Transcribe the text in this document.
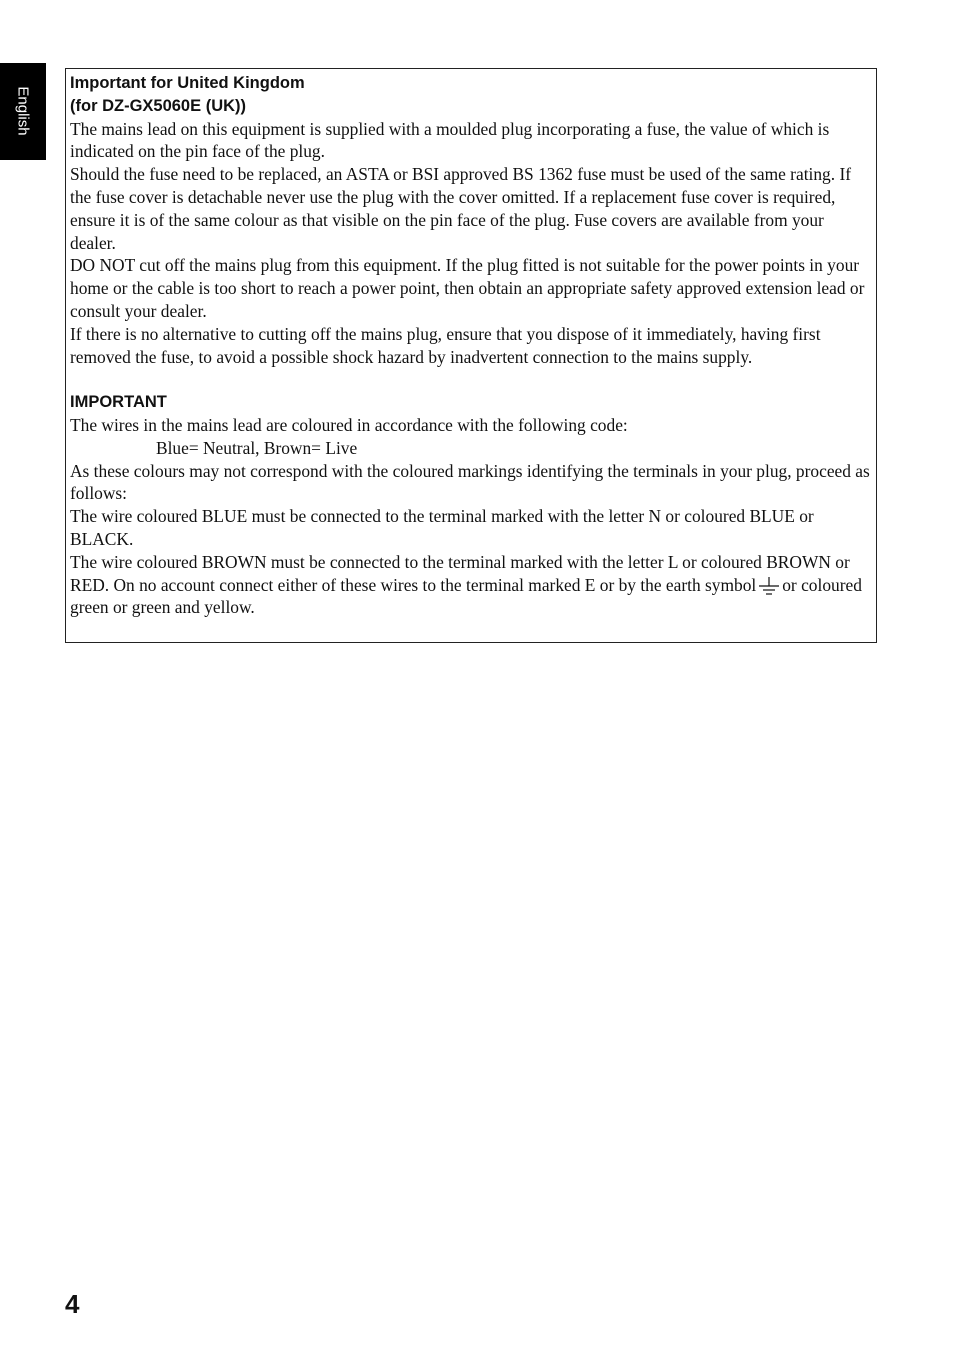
English
Important for United Kingdom
(for DZ-GX5060E (UK))

The mains lead on this equipment is supplied with a moulded plug incorporating a fuse, the value of which is indicated on the pin face of the plug.

Should the fuse need to be replaced, an ASTA or BSI approved BS 1362 fuse must be used of the same rating. If the fuse cover is detachable never use the plug with the cover omitted. If a replacement fuse cover is required, ensure it is of the same colour as that visible on the pin face of the plug. Fuse covers are available from your dealer.

DO NOT cut off the mains plug from this equipment. If the plug fitted is not suitable for the power points in your home or the cable is too short to reach a power point, then obtain an appropriate safety approved extension lead or consult your dealer.

If there is no alternative to cutting off the mains plug, ensure that you dispose of it immediately, having first removed the fuse, to avoid a possible shock hazard by inadvertent connection to the mains supply.

IMPORTANT

The wires in the mains lead are coloured in accordance with the following code:

Blue= Neutral, Brown= Live

As these colours may not correspond with the coloured markings identifying the terminals in your plug, proceed as follows:

The wire coloured BLUE must be connected to the terminal marked with the letter N or coloured BLUE or BLACK.

The wire coloured BROWN must be connected to the terminal marked with the letter L or coloured BROWN or RED. On no account connect either of these wires to the terminal marked E or by the earth symbol or coloured green or green and yellow.

4
